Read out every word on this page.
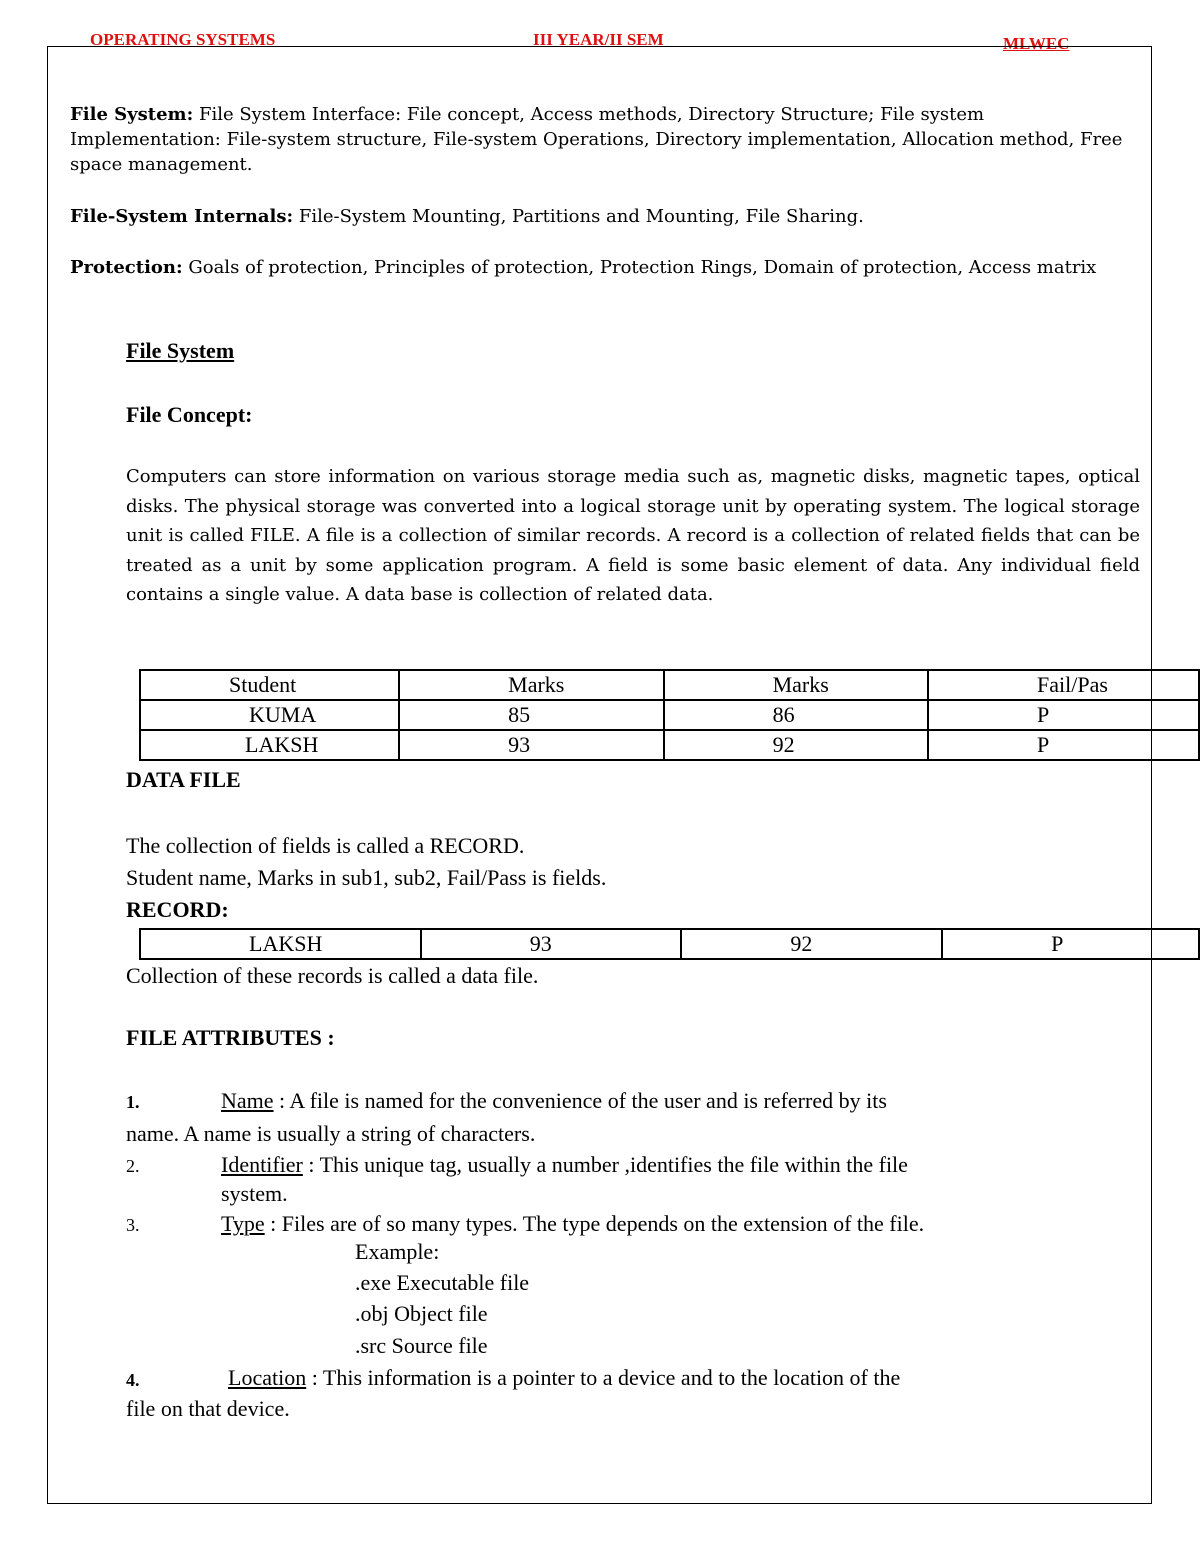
OPERATING SYSTEMS	III YEAR/II SEM	MLWEC
File System: File System Interface: File concept, Access methods, Directory Structure; File system Implementation: File-system structure, File-system Operations, Directory implementation, Allocation method, Free space management.
File-System Internals: File-System Mounting, Partitions and Mounting, File Sharing.
Protection: Goals of protection, Principles of protection, Protection Rings, Domain of protection, Access matrix
File System
File Concept:
Computers can store information on various storage media such as, magnetic disks, magnetic tapes, optical disks. The physical storage was converted into a logical storage unit by operating system. The logical storage unit is called FILE. A file is a collection of similar records. A record is a collection of related fields that can be treated as a unit by some application program. A field is some basic element of data. Any individual field contains a single value. A data base is collection of related data.
Student	Marks	Marks	Fail/Pas
KUMA	85	86	P
LAKSH	93	92	P
DATA FILE
The collection of fields is called a RECORD.
Student name, Marks in sub1, sub2, Fail/Pass is fields.
RECORD:
LAKSH	93	92	P
Collection of these records is called a data file.
FILE ATTRIBUTES :
1.	Name : A file is named for the convenience of the user and is referred by its
name. A name is usually a string of characters.
2.	Identifier : This unique tag, usually a number ,identifies the file within the file
system.
3.	Type : Files are of so many types. The type depends on the extension of the file.
Example:
.exe Executable file
.obj Object file
.src Source file
4.	Location : This information is a pointer to a device and to the location of the
file on that device.
